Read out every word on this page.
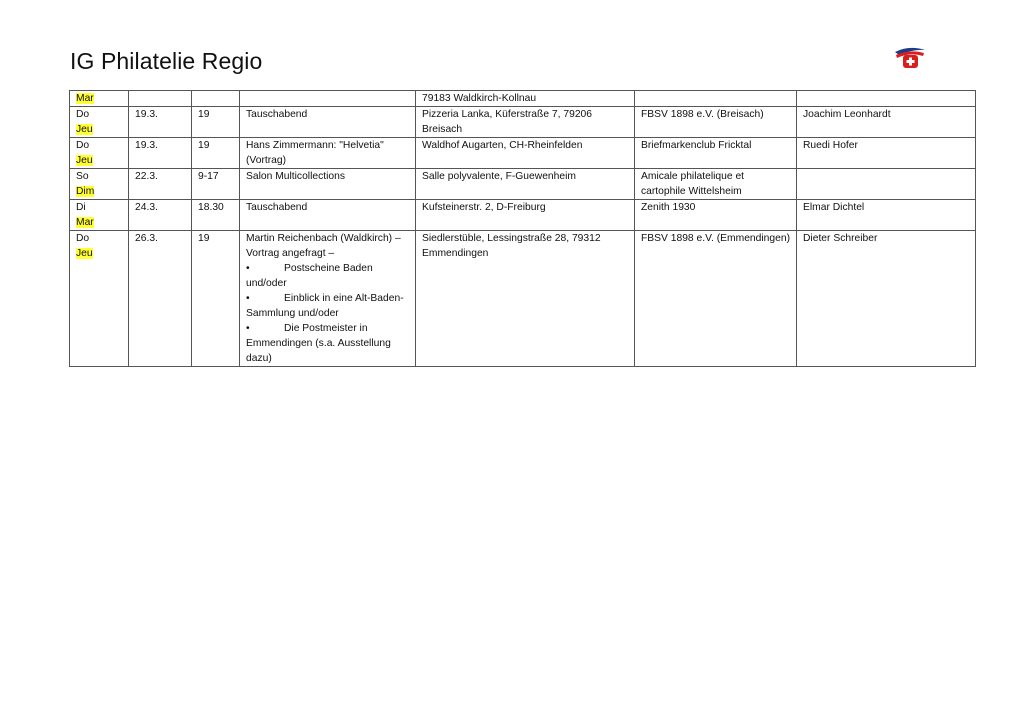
IG Philatelie Regio
Mar				79183 Waldkirch-Kollnau		

Do
Jeu	19.3.	19	Tauschabend	Pizzeria Lanka, Küferstraße 7, 79206 Breisach	FBSV 1898 e.V. (Breisach)	Joachim Leonhardt

Do
Jeu	19.3.	19	Hans Zimmermann: "Helvetia" (Vortrag)	Waldhof Augarten, CH-Rheinfelden	Briefmarkenclub Fricktal	Ruedi Hofer

So
Dim	22.3.	9-17	Salon Multicollections	Salle polyvalente, F-Guewenheim	Amicale philatelique et cartophile Wittelsheim	

Di
Mar	24.3.	18.30	Tauschabend	Kufsteinerstr. 2, D-Freiburg	Zenith 1930	Elmar Dichtel

Do
Jeu	26.3.	19	Martin Reichenbach (Waldkirch) – Vortrag angefragt –
• Postscheine Baden und/oder
• Einblick in eine Alt-Baden-Sammlung und/oder
• Die Postmeister in Emmendingen (s.a. Ausstellung dazu)	Siedlerstüble, Lessingstraße 28, 79312 Emmendingen	FBSV 1898 e.V. (Emmendingen)	Dieter Schreiber
